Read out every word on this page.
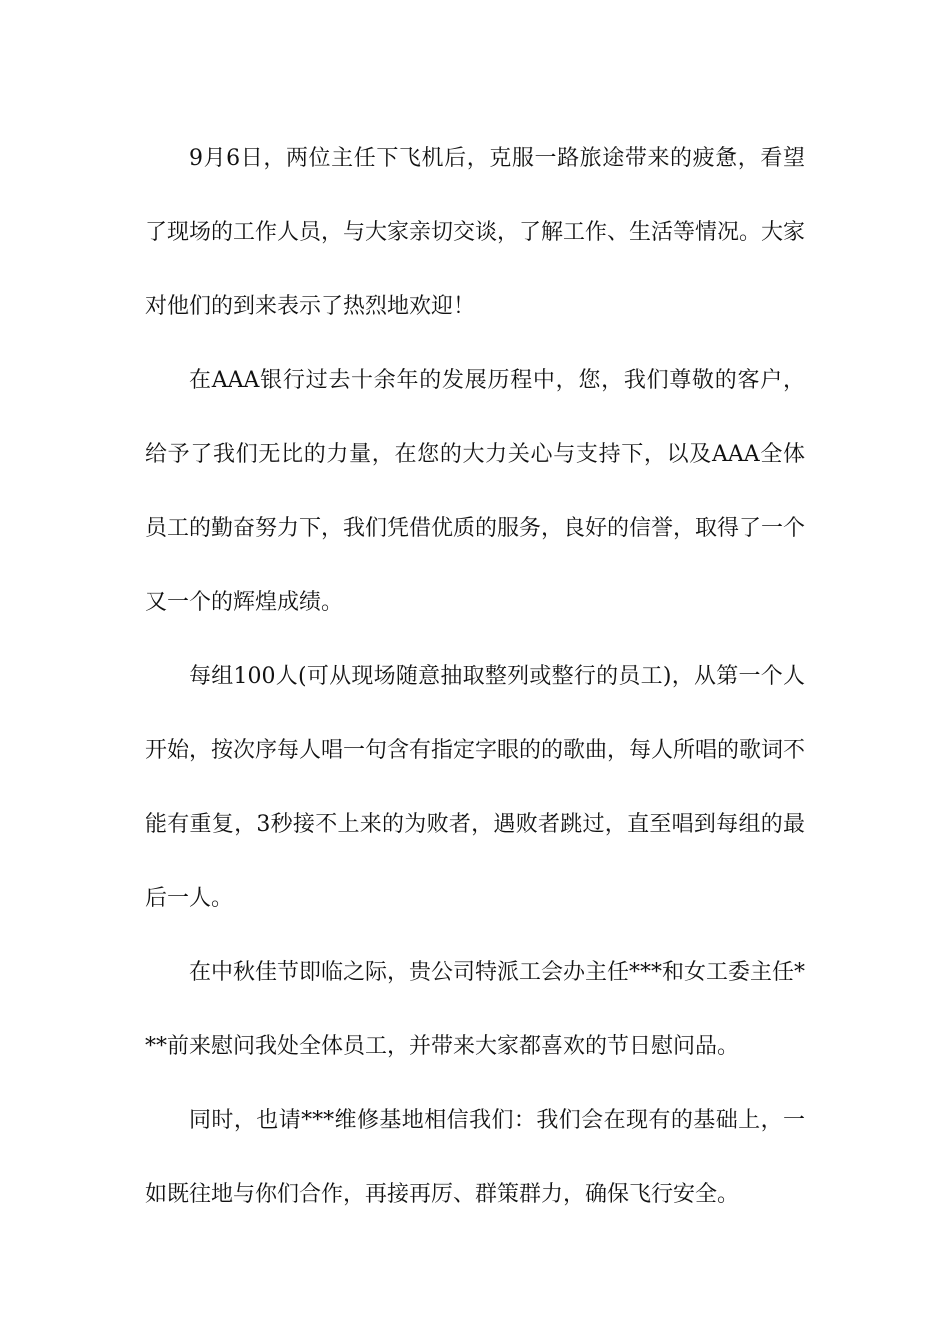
9月6日，两位主任下飞机后，克服一路旅途带来的疲惫，看望了现场的工作人员，与大家亲切交谈，了解工作、生活等情况。大家对他们的到来表示了热烈地欢迎！

在AAA银行过去十余年的发展历程中，您，我们尊敬的客户，给予了我们无比的力量，在您的大力关心与支持下，以及AAA全体员工的勤奋努力下，我们凭借优质的服务，良好的信誉，取得了一个又一个的辉煌成绩。

每组100人(可从现场随意抽取整列或整行的员工)，从第一个人开始，按次序每人唱一句含有指定字眼的的歌曲，每人所唱的歌词不能有重复，3秒接不上来的为败者，遇败者跳过，直至唱到每组的最后一人。

在中秋佳节即临之际，贵公司特派工会办主任***和女工委主任***前来慰问我处全体员工，并带来大家都喜欢的节日慰问品。

同时，也请***维修基地相信我们：我们会在现有的基础上，一如既往地与你们合作，再接再厉、群策群力，确保飞行安全。
